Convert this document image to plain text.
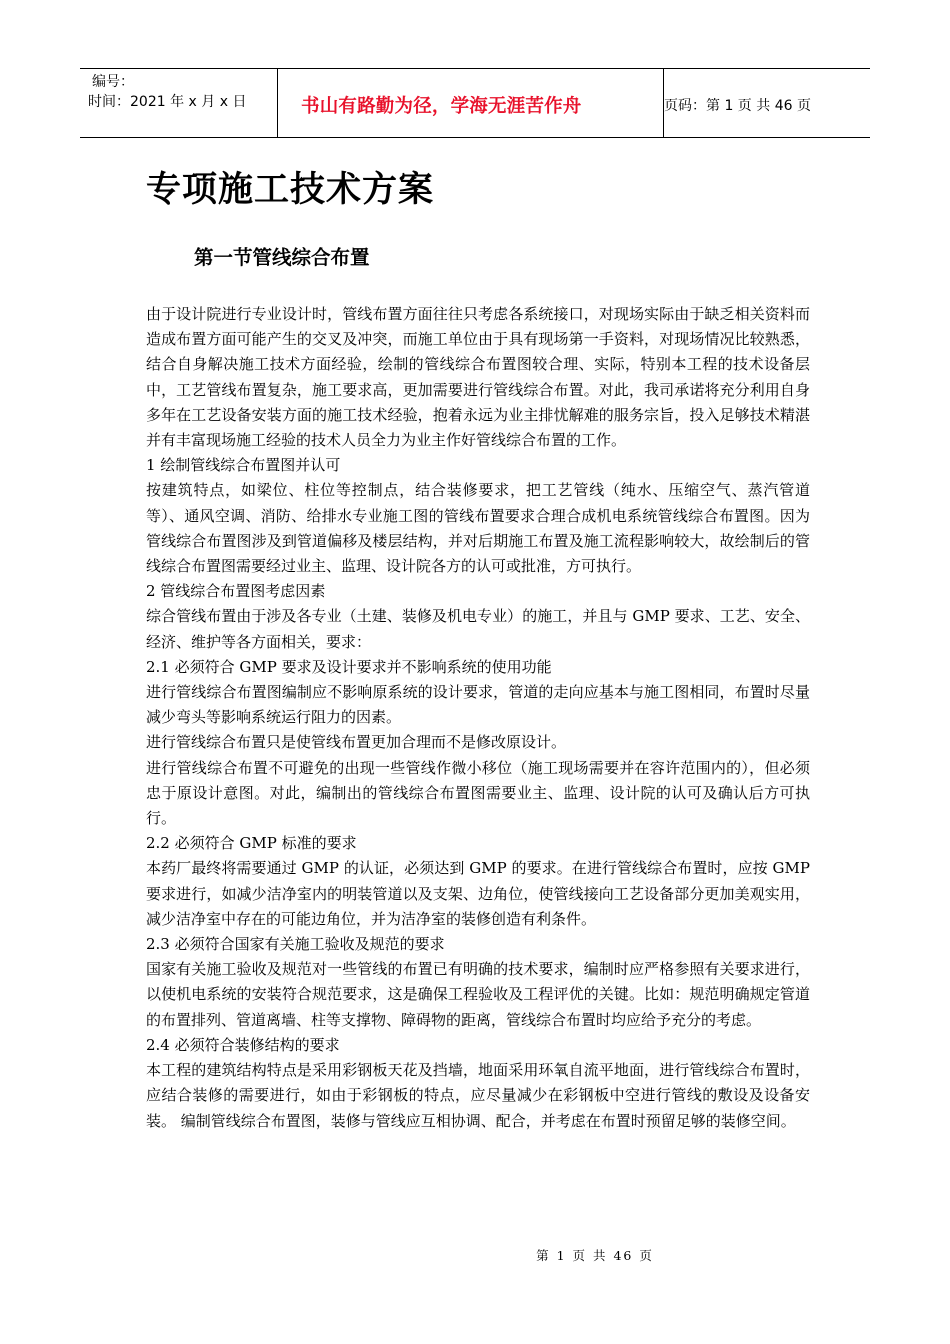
编号：
时间：2021 年 x 月 x 日	书山有路勤为径，学海无涯苦作舟	页码：第 1 页 共 46 页
专项施工技术方案
第一节管线综合布置

由于设计院进行专业设计时，管线布置方面往往只考虑各系统接口，对现场实际由于缺乏相关资料而造成布置方面可能产生的交叉及冲突，而施工单位由于具有现场第一手资料，对现场情况比较熟悉，结合自身解决施工技术方面经验，绘制的管线综合布置图较合理、实际，特别本工程的技术设备层中，工艺管线布置复杂，施工要求高，更加需要进行管线综合布置。对此，我司承诺将充分利用自身多年在工艺设备安装方面的施工技术经验，抱着永远为业主排忧解难的服务宗旨，投入足够技术精湛并有丰富现场施工经验的技术人员全力为业主作好管线综合布置的工作。

1 绘制管线综合布置图并认可

按建筑特点，如梁位、柱位等控制点，结合装修要求，把工艺管线（纯水、压缩空气、蒸汽管道等）、通风空调、消防、给排水专业施工图的管线布置要求合理合成机电系统管线综合布置图。因为管线综合布置图涉及到管道偏移及楼层结构，并对后期施工布置及施工流程影响较大，故绘制后的管线综合布置图需要经过业主、监理、设计院各方的认可或批准，方可执行。

2 管线综合布置图考虑因素

综合管线布置由于涉及各专业（土建、装修及机电专业）的施工，并且与 GMP 要求、工艺、安全、经济、维护等各方面相关，要求：

2.1 必须符合 GMP 要求及设计要求并不影响系统的使用功能

进行管线综合布置图编制应不影响原系统的设计要求，管道的走向应基本与施工图相同，布置时尽量减少弯头等影响系统运行阻力的因素。

进行管线综合布置只是使管线布置更加合理而不是修改原设计。

进行管线综合布置不可避免的出现一些管线作微小移位（施工现场需要并在容许范围内的），但必须忠于原设计意图。对此，编制出的管线综合布置图需要业主、监理、设计院的认可及确认后方可执行。

2.2 必须符合 GMP 标准的要求

本药厂最终将需要通过 GMP 的认证，必须达到 GMP 的要求。在进行管线综合布置时，应按 GMP 要求进行，如减少洁净室内的明装管道以及支架、边角位，使管线接向工艺设备部分更加美观实用，减少洁净室中存在的可能边角位，并为洁净室的装修创造有利条件。

2.3 必须符合国家有关施工验收及规范的要求

国家有关施工验收及规范对一些管线的布置已有明确的技术要求，编制时应严格参照有关要求进行，以使机电系统的安装符合规范要求，这是确保工程验收及工程评优的关键。比如：规范明确规定管道的布置排列、管道离墙、柱等支撑物、障碍物的距离，管线综合布置时均应给予充分的考虑。

2.4 必须符合装修结构的要求

本工程的建筑结构特点是采用彩钢板天花及挡墙，地面采用环氧自流平地面，进行管线综合布置时，应结合装修的需要进行，如由于彩钢板的特点，应尽量减少在彩钢板中空进行管线的敷设及设备安装。 编制管线综合布置图，装修与管线应互相协调、配合，并考虑在布置时预留足够的装修空间。

第 1 页 共 46 页
